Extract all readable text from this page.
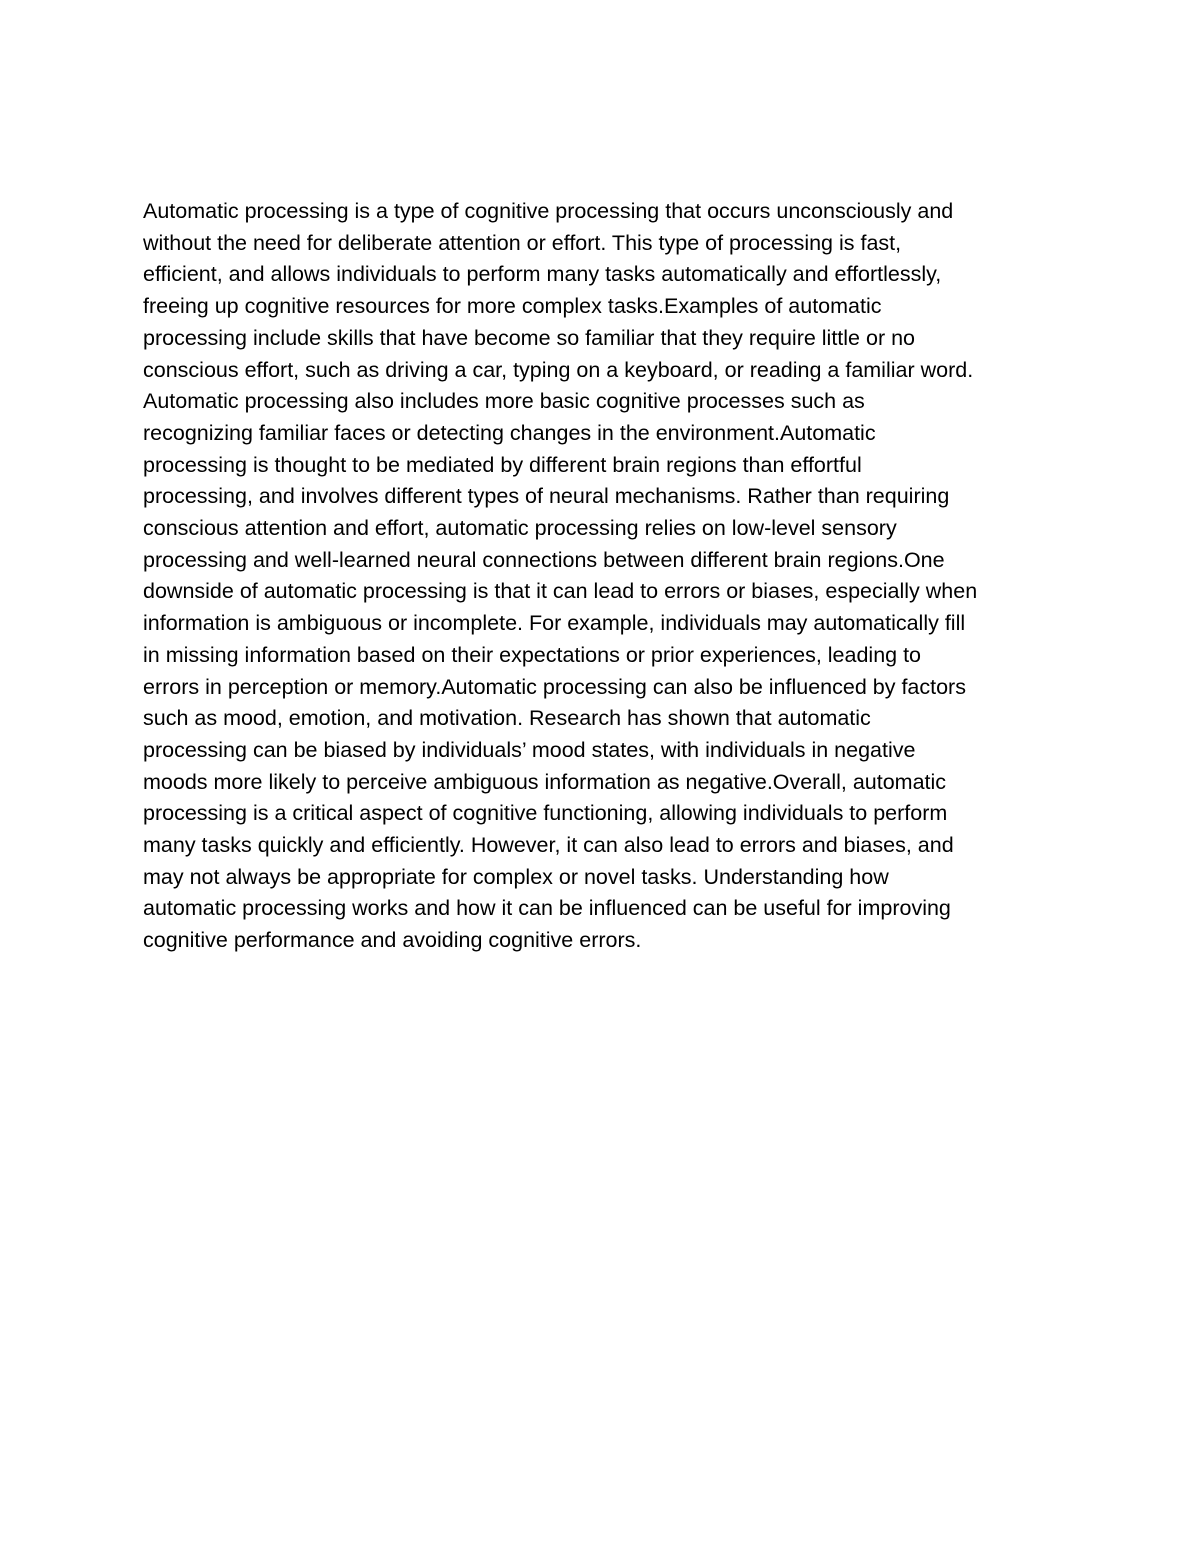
Automatic processing is a type of cognitive processing that occurs unconsciously and
without the need for deliberate attention or effort. This type of processing is fast,
efficient, and allows individuals to perform many tasks automatically and effortlessly,
freeing up cognitive resources for more complex tasks.Examples of automatic
processing include skills that have become so familiar that they require little or no
conscious effort, such as driving a car, typing on a keyboard, or reading a familiar word.
Automatic processing also includes more basic cognitive processes such as
recognizing familiar faces or detecting changes in the environment.Automatic
processing is thought to be mediated by different brain regions than effortful
processing, and involves different types of neural mechanisms. Rather than requiring
conscious attention and effort, automatic processing relies on low-level sensory
processing and well-learned neural connections between different brain regions.One
downside of automatic processing is that it can lead to errors or biases, especially when
information is ambiguous or incomplete. For example, individuals may automatically fill
in missing information based on their expectations or prior experiences, leading to
errors in perception or memory.Automatic processing can also be influenced by factors
such as mood, emotion, and motivation. Research has shown that automatic
processing can be biased by individuals’ mood states, with individuals in negative
moods more likely to perceive ambiguous information as negative.Overall, automatic
processing is a critical aspect of cognitive functioning, allowing individuals to perform
many tasks quickly and efficiently. However, it can also lead to errors and biases, and
may not always be appropriate for complex or novel tasks. Understanding how
automatic processing works and how it can be influenced can be useful for improving
cognitive performance and avoiding cognitive errors.
